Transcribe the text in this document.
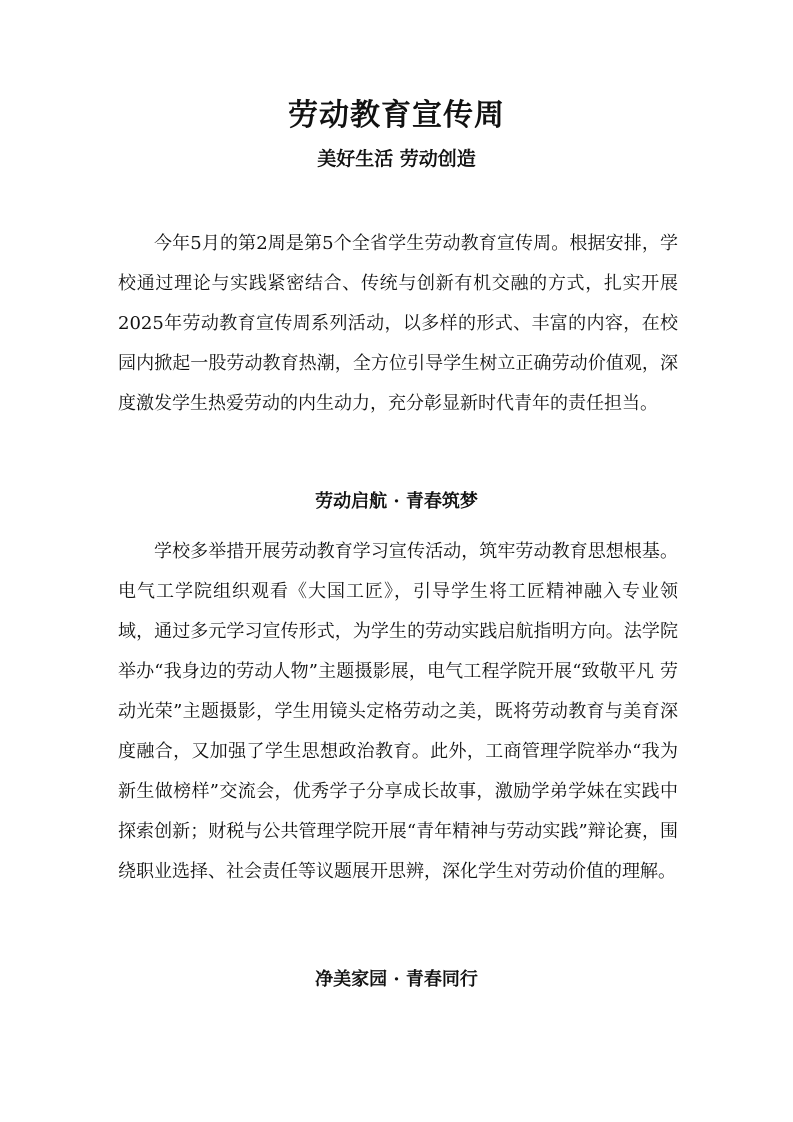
劳动教育宣传周
美好生活 劳动创造

今年5月的第2周是第5个全省学生劳动教育宣传周。根据安排，学校通过理论与实践紧密结合、传统与创新有机交融的方式，扎实开展2025年劳动教育宣传周系列活动，以多样的形式、丰富的内容，在校园内掀起一股劳动教育热潮，全方位引导学生树立正确劳动价值观，深度激发学生热爱劳动的内生动力，充分彰显新时代青年的责任担当。

劳动启航 · 青春筑梦

学校多举措开展劳动教育学习宣传活动，筑牢劳动教育思想根基。电气工学院组织观看《大国工匠》，引导学生将工匠精神融入专业领域，通过多元学习宣传形式，为学生的劳动实践启航指明方向。法学院举办“我身边的劳动人物”主题摄影展，电气工程学院开展“致敬平凡 劳动光荣”主题摄影，学生用镜头定格劳动之美，既将劳动教育与美育深度融合，又加强了学生思想政治教育。此外，工商管理学院举办“我为新生做榜样”交流会，优秀学子分享成长故事，激励学弟学妹在实践中探索创新；财税与公共管理学院开展“青年精神与劳动实践”辩论赛，围绕职业选择、社会责任等议题展开思辨，深化学生对劳动价值的理解。

净美家园 · 青春同行
